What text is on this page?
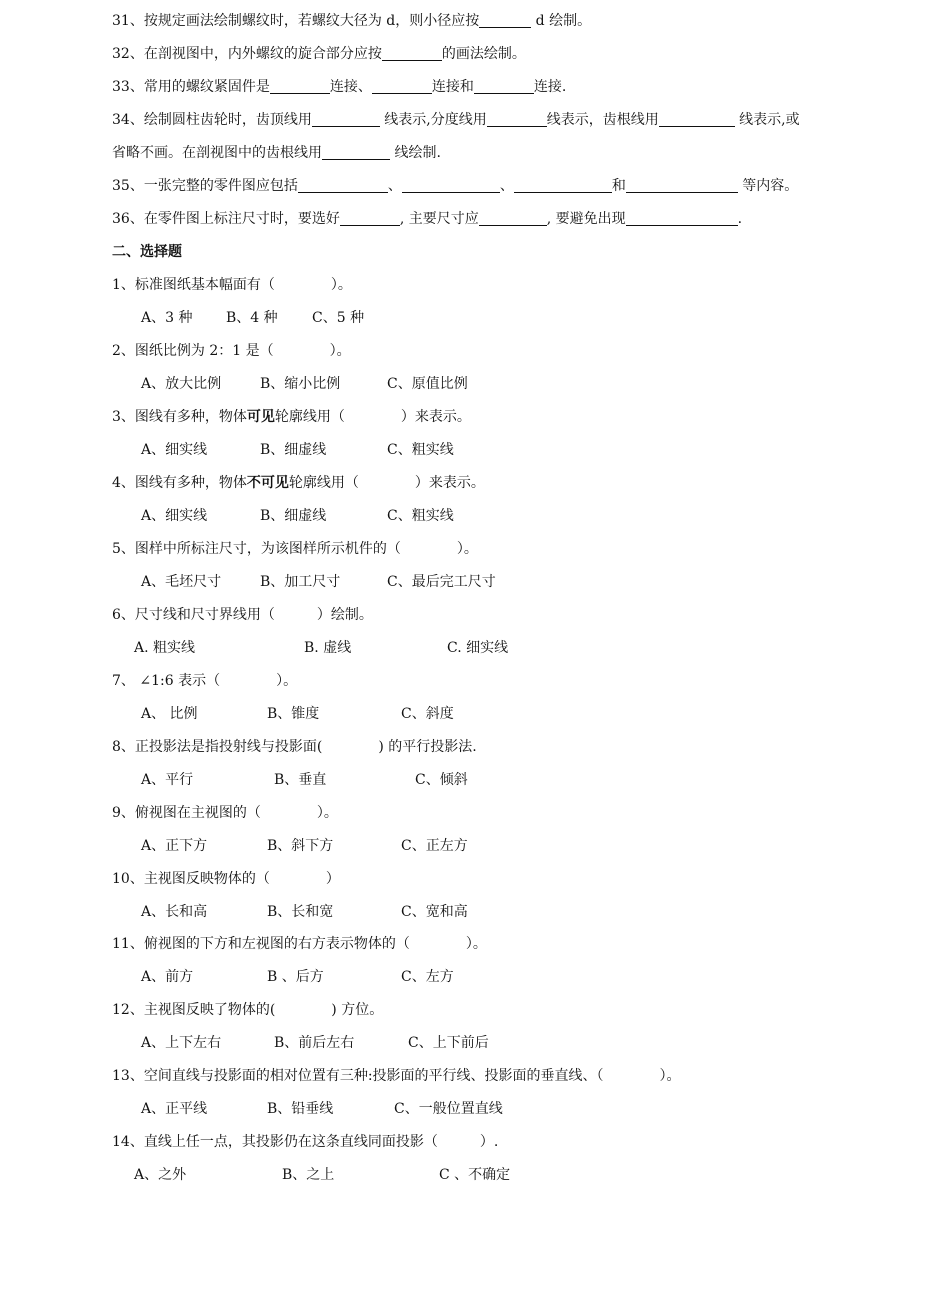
31、按规定画法绘制螺纹时，若螺纹大径为 d，则小径应按	d 绘制。
32、在剖视图中，内外螺纹的旋合部分应按	的画法绘制。
33、常用的螺纹紧固件是	连接、	连接和	连接.
34、绘制圆柱齿轮时，齿顶线用	线表示,分度线用	线表示，齿根线用	线表示,或
省略不画。在剖视图中的齿根线用	线绘制.
35、一张完整的零件图应包括	、	、	和	等内容。
36、在零件图上标注尺寸时，要选好	, 主要尺寸应	, 要避免出现	.
二、选择题
1、标准图纸基本幅面有（　　　　）。
A、3 种 B、4 种 C、5 种
2、图纸比例为 2：1 是（　　　　）。
A、放大比例	B、缩小比例	C、原值比例
3、图线有多种，物体可见轮廓线用（　　　　）来表示。
A、细实线	B、细虚线	C、粗实线
4、图线有多种，物体不可见轮廓线用（　　　　）来表示。
A、细实线	B、细虚线	C、粗实线
5、图样中所标注尺寸，为该图样所示机件的（　　　　）。
A、毛坯尺寸	B、加工尺寸	C、最后完工尺寸
6、尺寸线和尺寸界线用（　　　）绘制。
A. 粗实线	B. 虚线	C. 细实线
7、 ∠1:6 表示（　　　　）。
A、 比例	B、锥度	C、斜度
8、正投影法是指投射线与投影面(　　　　) 的平行投影法.
A、平行	B、垂直	C、倾斜
9、俯视图在主视图的（　　　　）。
A、正下方	B、斜下方	C、正左方
10、主视图反映物体的（　　　　）
A、长和高	B、长和宽	C、宽和高
11、俯视图的下方和左视图的右方表示物体的（　　　　）。
A、前方	B 、后方	C、左方
12、主视图反映了物体的(　　　　) 方位。
A、上下左右	B、前后左右	C、上下前后
13、空间直线与投影面的相对位置有三种:投影面的平行线、投影面的垂直线、（　　　　）。
A、正平线	B、铅垂线	C、一般位置直线
14、直线上任一点，其投影仍在这条直线同面投影（　　　）.
A、之外	B、之上	C 、不确定
